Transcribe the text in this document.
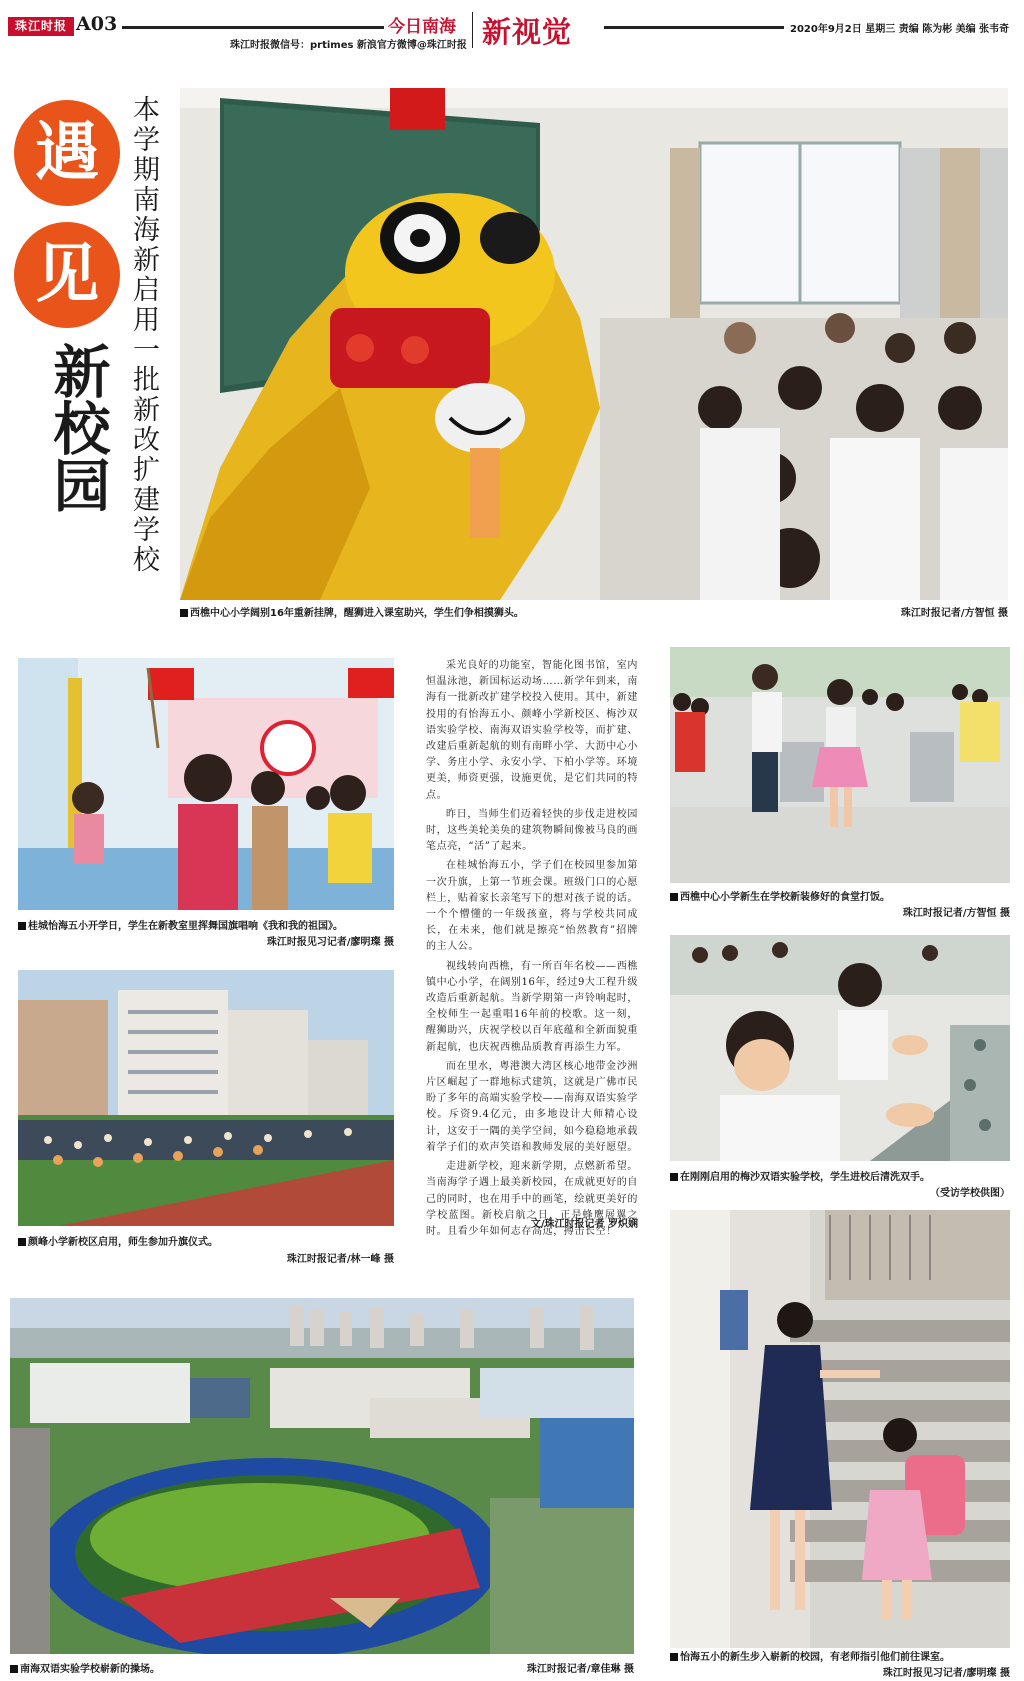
珠江时报 A03	今日南海 新视觉
珠江时报微信号：prtimes 新浪官方微博@珠江时报
2020年9月2日 星期三 责编 陈为彬 美编 张韦奇
遇
见
新校园 本学期南海新启用一批新改扩建学校
西樵中心小学阔别16年重新挂牌，醒狮进入课室助兴，学生们争相摸狮头。	珠江时报记者/方智恒 摄
桂城怡海五小开学日，学生在新教室里挥舞国旗唱响《我和我的祖国》。
珠江时报见习记者/廖明璨 摄
颜峰小学新校区启用，师生参加升旗仪式。
珠江时报记者/林一峰 摄

采光良好的功能室，智能化图书馆，室内恒温泳池，新国标运动场……新学年到来，南海有一批新改扩建学校投入使用。其中，新建投用的有怡海五小、颜峰小学新校区、梅沙双语实验学校、南海双语实验学校等，而扩建、改建后重新起航的则有南畔小学、大沥中心小学、务庄小学、永安小学、下柏小学等。环境更美，师资更强，设施更优，是它们共同的特点。

昨日，当师生们迈着轻快的步伐走进校园时，这些美轮美奂的建筑物瞬间像被马良的画笔点亮，“活”了起来。

在桂城怡海五小，学子们在校园里参加第一次升旗，上第一节班会课。班级门口的心愿栏上，贴着家长亲笔写下的想对孩子说的话。一个个懵懂的一年级孩童，将与学校共同成长，在未来，他们就是擦亮“怡然教育”招牌的主人公。

视线转向西樵，有一所百年名校——西樵镇中心小学，在阔别16年，经过9大工程升级改造后重新起航。当新学期第一声铃响起时，全校师生一起重唱16年前的校歌。这一刻，醒狮助兴，庆祝学校以百年底蕴和全新面貌重新起航，也庆祝西樵品质教育再添生力军。

而在里水，粤港澳大湾区核心地带金沙洲片区崛起了一群地标式建筑，这就是广佛市民盼了多年的高端实验学校——南海双语实验学校。斥资9.4亿元，由多地设计大师精心设计，这安于一隅的美学空间，如今稳稳地承载着学子们的欢声笑语和教师发展的美好愿望。

走进新学校，迎来新学期，点燃新希望。当南海学子遇上最美新校园，在成就更好的自己的同时，也在用手中的画笔，绘就更美好的学校蓝图。新校启航之日，正是蜂鹰展翼之时。且看少年如何志存高远，搏击长空！

文/珠江时报记者 罗炽娴
西樵中心小学新生在学校新装修好的食堂打饭。
珠江时报记者/方智恒 摄
在刚刚启用的梅沙双语实验学校，学生进校后清洗双手。
（受访学校供图）
南海双语实验学校崭新的操场。	珠江时报记者/章佳琳 摄
怡海五小的新生步入崭新的校园，有老师指引他们前往课室。
珠江时报见习记者/廖明璨 摄
